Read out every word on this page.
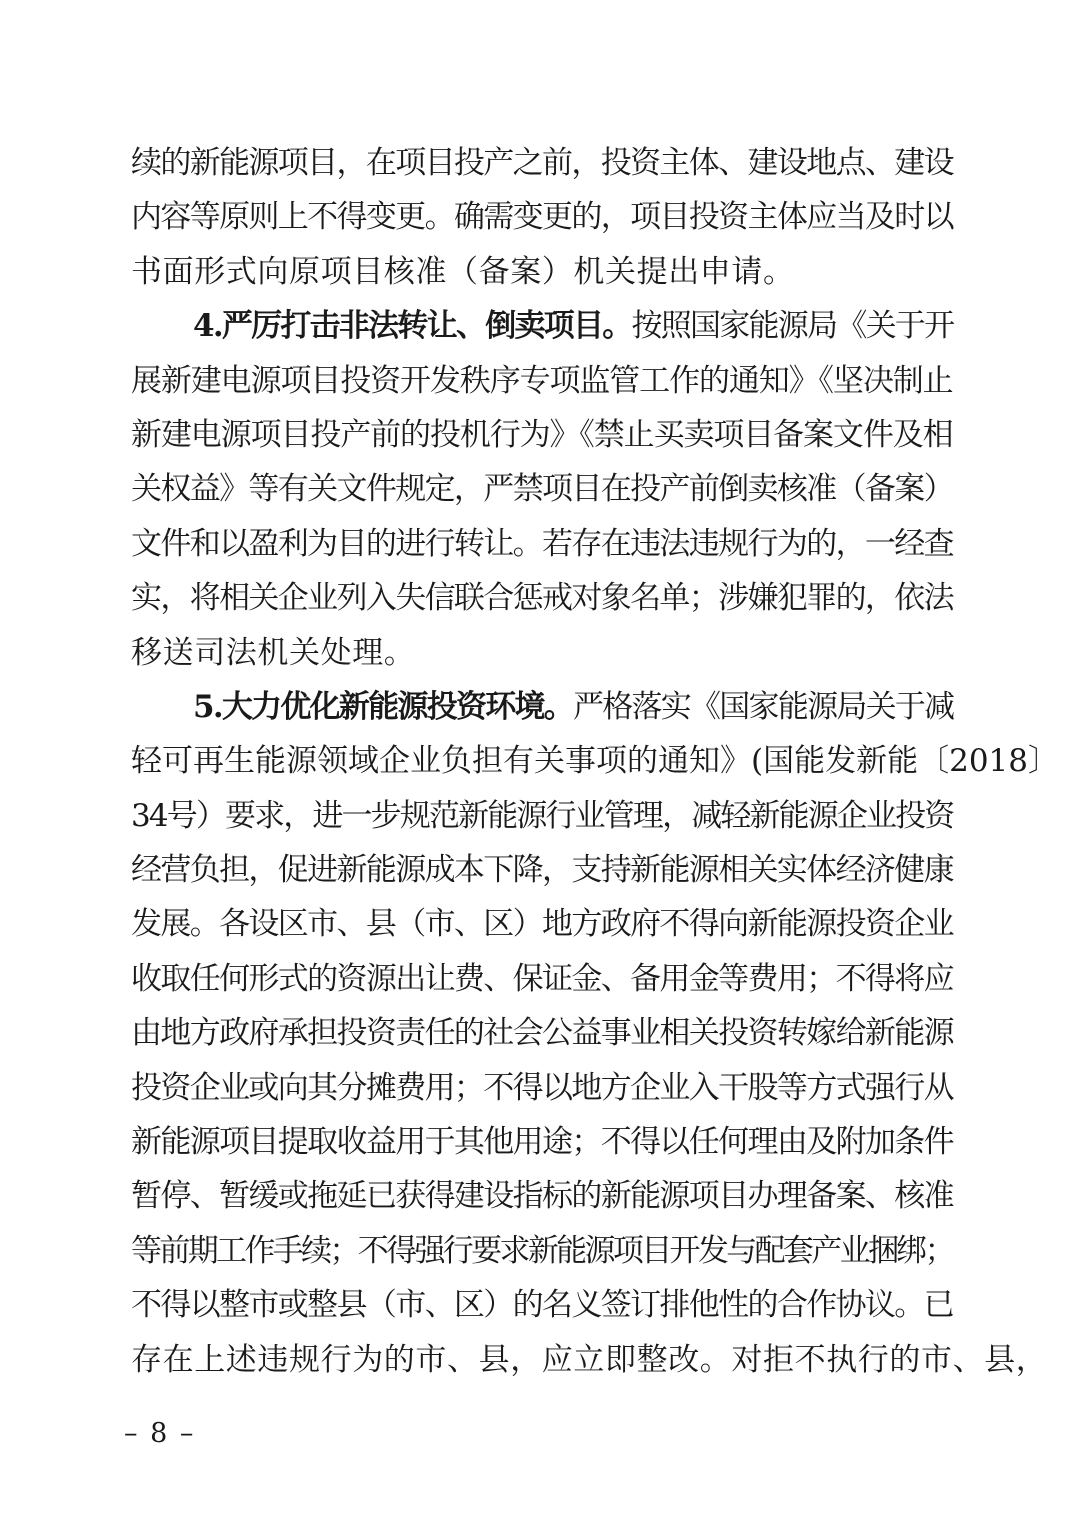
续的新能源项目，在项目投产之前，投资主体、建设地点、建设
内容等原则上不得变更。确需变更的，项目投资主体应当及时以
书面形式向原项目核准（备案）机关提出申请。
4.严厉打击非法转让、倒卖项目。按照国家能源局《关于开
展新建电源项目投资开发秩序专项监管工作的通知》《坚决制止
新建电源项目投产前的投机行为》《禁止买卖项目备案文件及相
关权益》等有关文件规定，严禁项目在投产前倒卖核准（备案）
文件和以盈利为目的进行转让。若存在违法违规行为的，一经查
实，将相关企业列入失信联合惩戒对象名单；涉嫌犯罪的，依法
移送司法机关处理。
5.大力优化新能源投资环境。严格落实《国家能源局关于减
轻可再生能源领域企业负担有关事项的通知》(国能发新能〔2018〕
34号）要求，进一步规范新能源行业管理，减轻新能源企业投资
经营负担，促进新能源成本下降，支持新能源相关实体经济健康
发展。各设区市、县（市、区）地方政府不得向新能源投资企业
收取任何形式的资源出让费、保证金、备用金等费用；不得将应
由地方政府承担投资责任的社会公益事业相关投资转嫁给新能源
投资企业或向其分摊费用；不得以地方企业入干股等方式强行从
新能源项目提取收益用于其他用途；不得以任何理由及附加条件
暂停、暂缓或拖延已获得建设指标的新能源项目办理备案、核准
等前期工作手续；不得强行要求新能源项目开发与配套产业捆绑；
不得以整市或整县（市、区）的名义签订排他性的合作协议。已
存在上述违规行为的市、县，应立即整改。对拒不执行的市、县，
– 8 –
